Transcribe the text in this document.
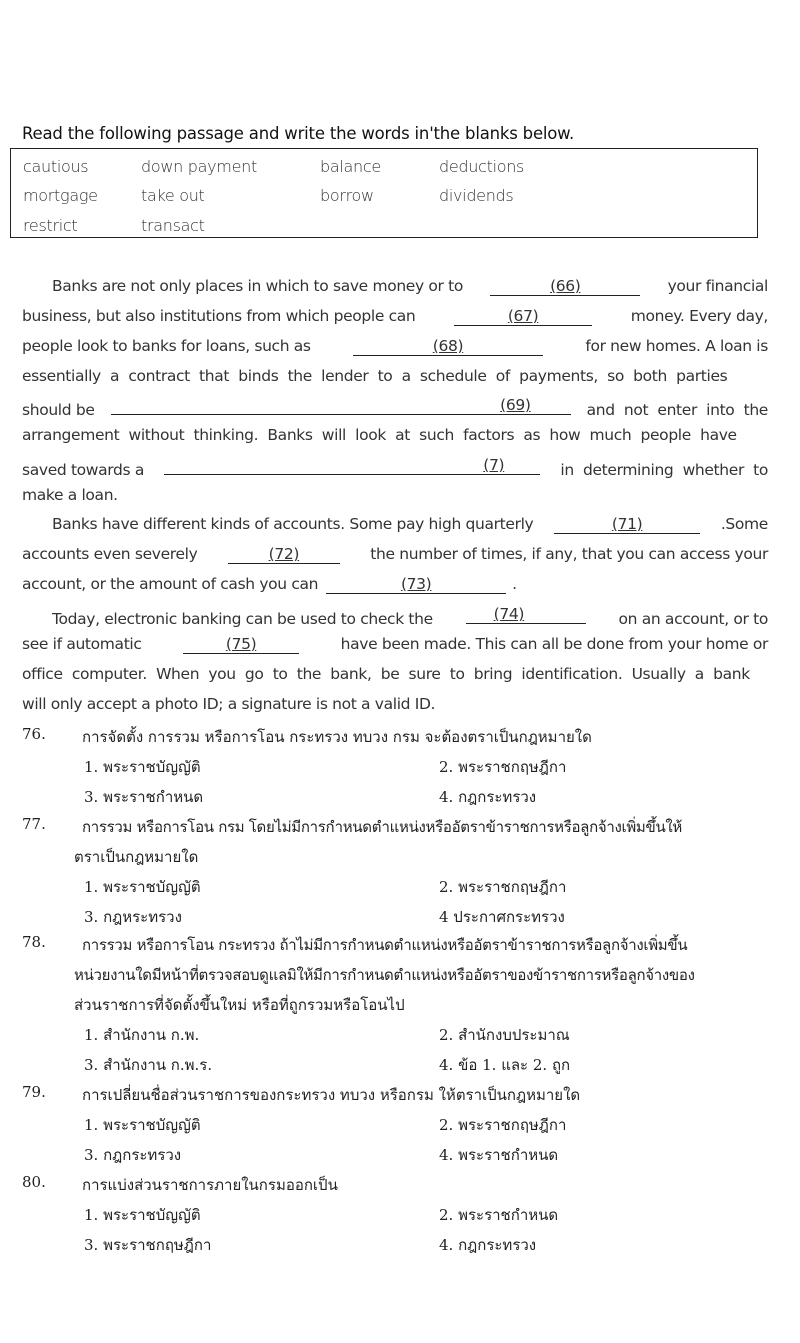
Read the following passage and write the words in'the blanks below.
cautious	down payment	balance	deductions
mortgage	take out	borrow	dividends
restrict	transact
Banks are not only places in which to save money or to	(66)	your financial
business, but also institutions from which people can	(67)	money. Every day,
people look to banks for loans, such as	(68)	for new homes. A loan is
essentially  a  contract  that  binds  the  lender  to  a  schedule  of  payments,  so  both  parties
should be	(69)	and  not  enter  into  the
arrangement  without  thinking.  Banks  will  look  at  such  factors  as  how  much  people  have
saved towards a	(7)	in  determining  whether  to
make a loan.
Banks have different kinds of accounts. Some pay high quarterly	(71)	.Some
accounts even severely	(72)	the number of times, if any, that you can access your
account, or the amount of cash you can	(73)	.
Today, electronic banking can be used to check the	(74)	on an account, or to
see if automatic	(75)	have been made. This can all be done from your home or
office  computer.  When  you  go  to  the  bank,  be  sure  to  bring  identification.  Usually  a  bank
will only accept a photo ID; a signature is not a valid ID.
76. การจัดตั้ง การรวม หรือการโอน กระทรวง ทบวง กรม จะต้องตราเป็นกฎหมายใด
1. พระราชบัญญัติ	2. พระราชกฤษฎีกา
3. พระราชกำหนด	4. กฎกระทรวง
77. การรวม หรือการโอน กรม โดยไม่มีการกำหนดตำแหน่งหรืออัตราข้าราชการหรือลูกจ้างเพิ่มขึ้นให้
ตราเป็นกฎหมายใด
1. พระราชบัญญัติ	2. พระราชกฤษฎีกา
3. กฎหระทรวง	4 ประกาศกระทรวง
78. การรวม หรือการโอน กระทรวง ถ้าไม่มีการกำหนดตำแหน่งหรืออัตราข้าราชการหรือลูกจ้างเพิ่มขึ้น
หน่วยงานใดมีหน้าที่ตรวจสอบดูแลมิให้มีการกำหนดตำแหน่งหรืออัตราของข้าราชการหรือลูกจ้างของ
ส่วนราชการที่จัดตั้งขึ้นใหม่ หรือที่ถูกรวมหรือโอนไป
1. สำนักงาน ก.พ.	2. สำนักงบประมาณ
3. สำนักงาน ก.พ.ร.	4. ข้อ 1. และ 2. ถูก
79. การเปลี่ยนชื่อส่วนราชการของกระทรวง ทบวง หรือกรม ให้ตราเป็นกฎหมายใด
1. พระราชบัญญัติ	2. พระราชกฤษฎีกา
3. กฎกระทรวง	4. พระราชกำหนด
80. การแบ่งส่วนราชการภายในกรมออกเป็น
1. พระราชบัญญัติ	2. พระราชกำหนด
3. พระราชกฤษฎีกา	4. กฎกระทรวง
